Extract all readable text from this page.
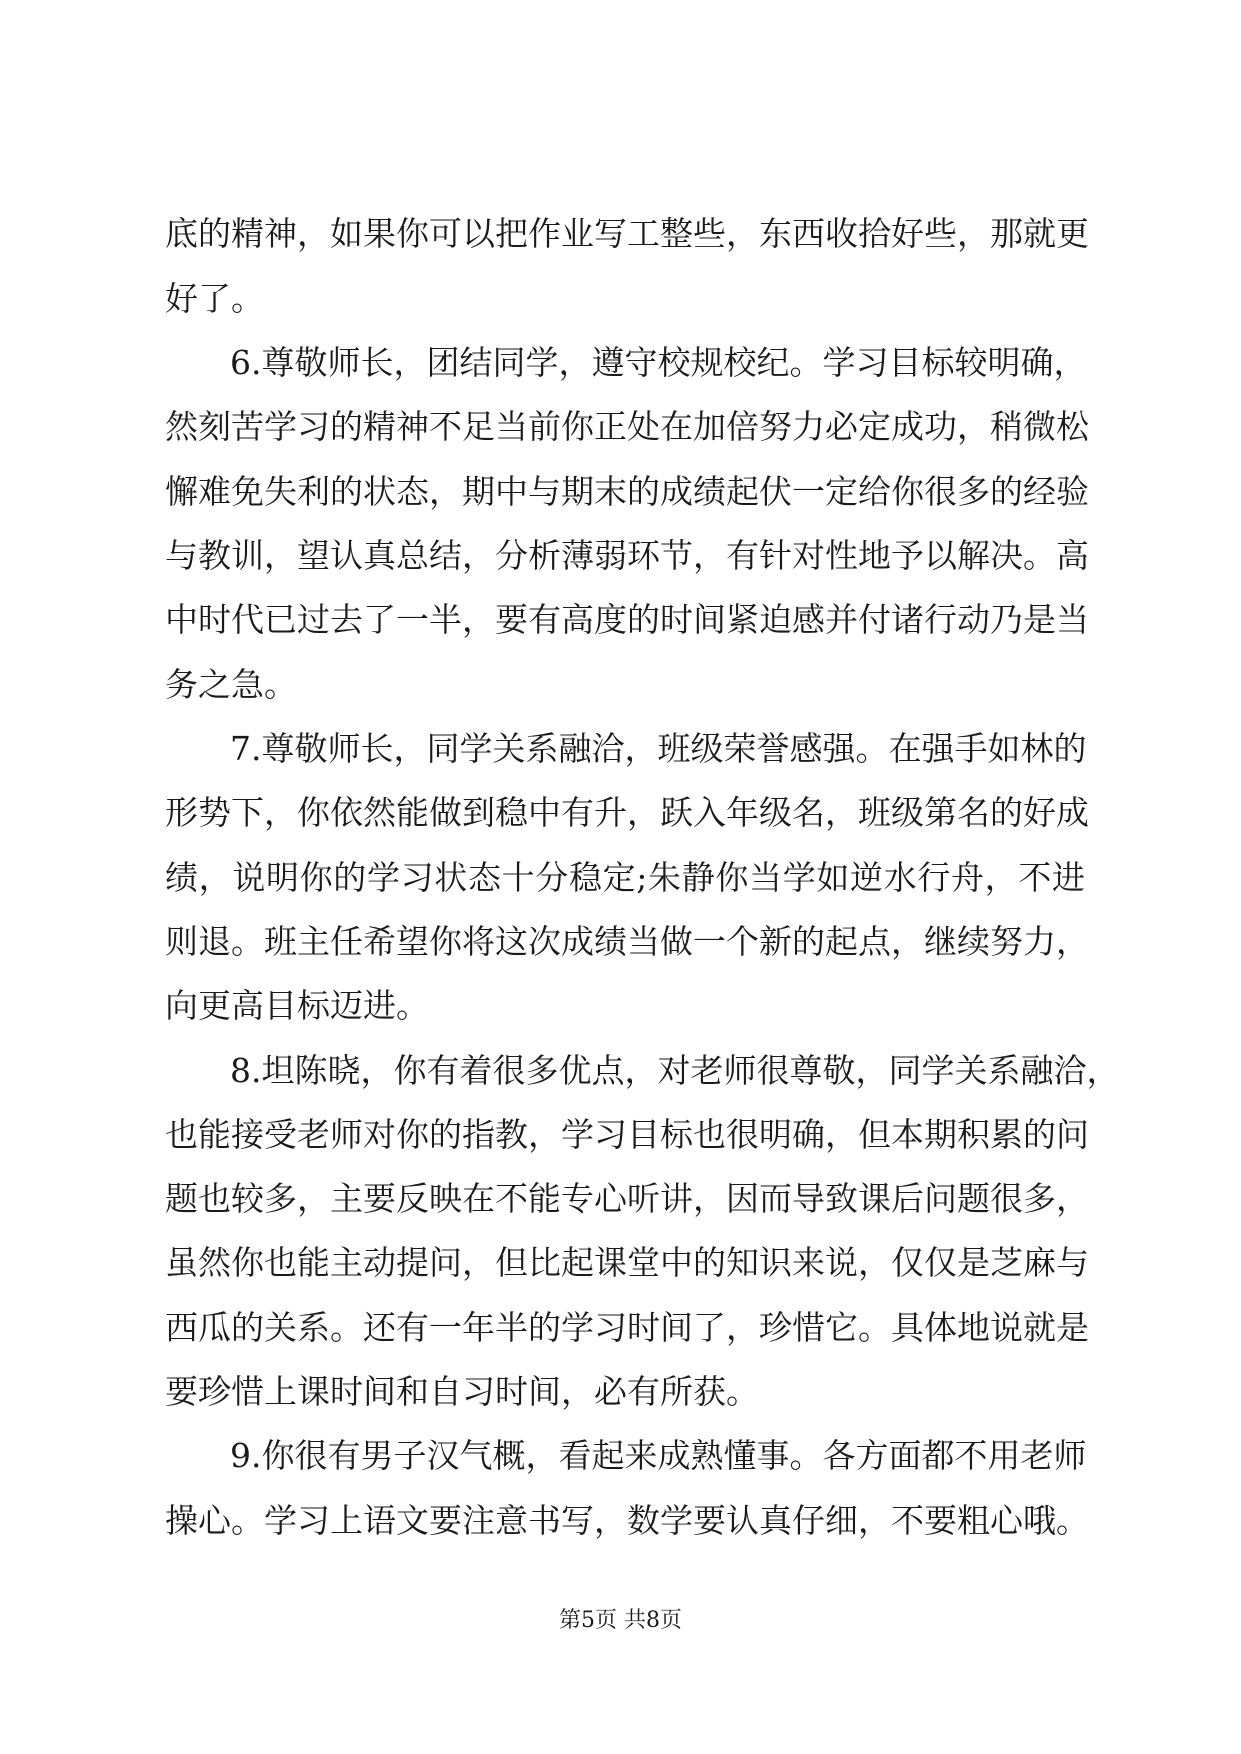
底的精神，如果你可以把作业写工整些，东西收拾好些，那就更
好了。
6.尊敬师长，团结同学，遵守校规校纪。学习目标较明确，
然刻苦学习的精神不足当前你正处在加倍努力必定成功，稍微松
懈难免失利的状态，期中与期末的成绩起伏一定给你很多的经验
与教训，望认真总结，分析薄弱环节，有针对性地予以解决。高
中时代已过去了一半，要有高度的时间紧迫感并付诸行动乃是当
务之急。
7.尊敬师长，同学关系融洽，班级荣誉感强。在强手如林的
形势下，你依然能做到稳中有升，跃入年级名，班级第名的好成
绩，说明你的学习状态十分稳定;朱静你当学如逆水行舟，不进
则退。班主任希望你将这次成绩当做一个新的起点，继续努力，
向更高目标迈进。
8.坦陈晓，你有着很多优点，对老师很尊敬，同学关系融洽，
也能接受老师对你的指教，学习目标也很明确，但本期积累的问
题也较多，主要反映在不能专心听讲，因而导致课后问题很多，
虽然你也能主动提问，但比起课堂中的知识来说，仅仅是芝麻与
西瓜的关系。还有一年半的学习时间了，珍惜它。具体地说就是
要珍惜上课时间和自习时间，必有所获。
9.你很有男子汉气概，看起来成熟懂事。各方面都不用老师
操心。学习上语文要注意书写，数学要认真仔细，不要粗心哦。
第5页 共8页
